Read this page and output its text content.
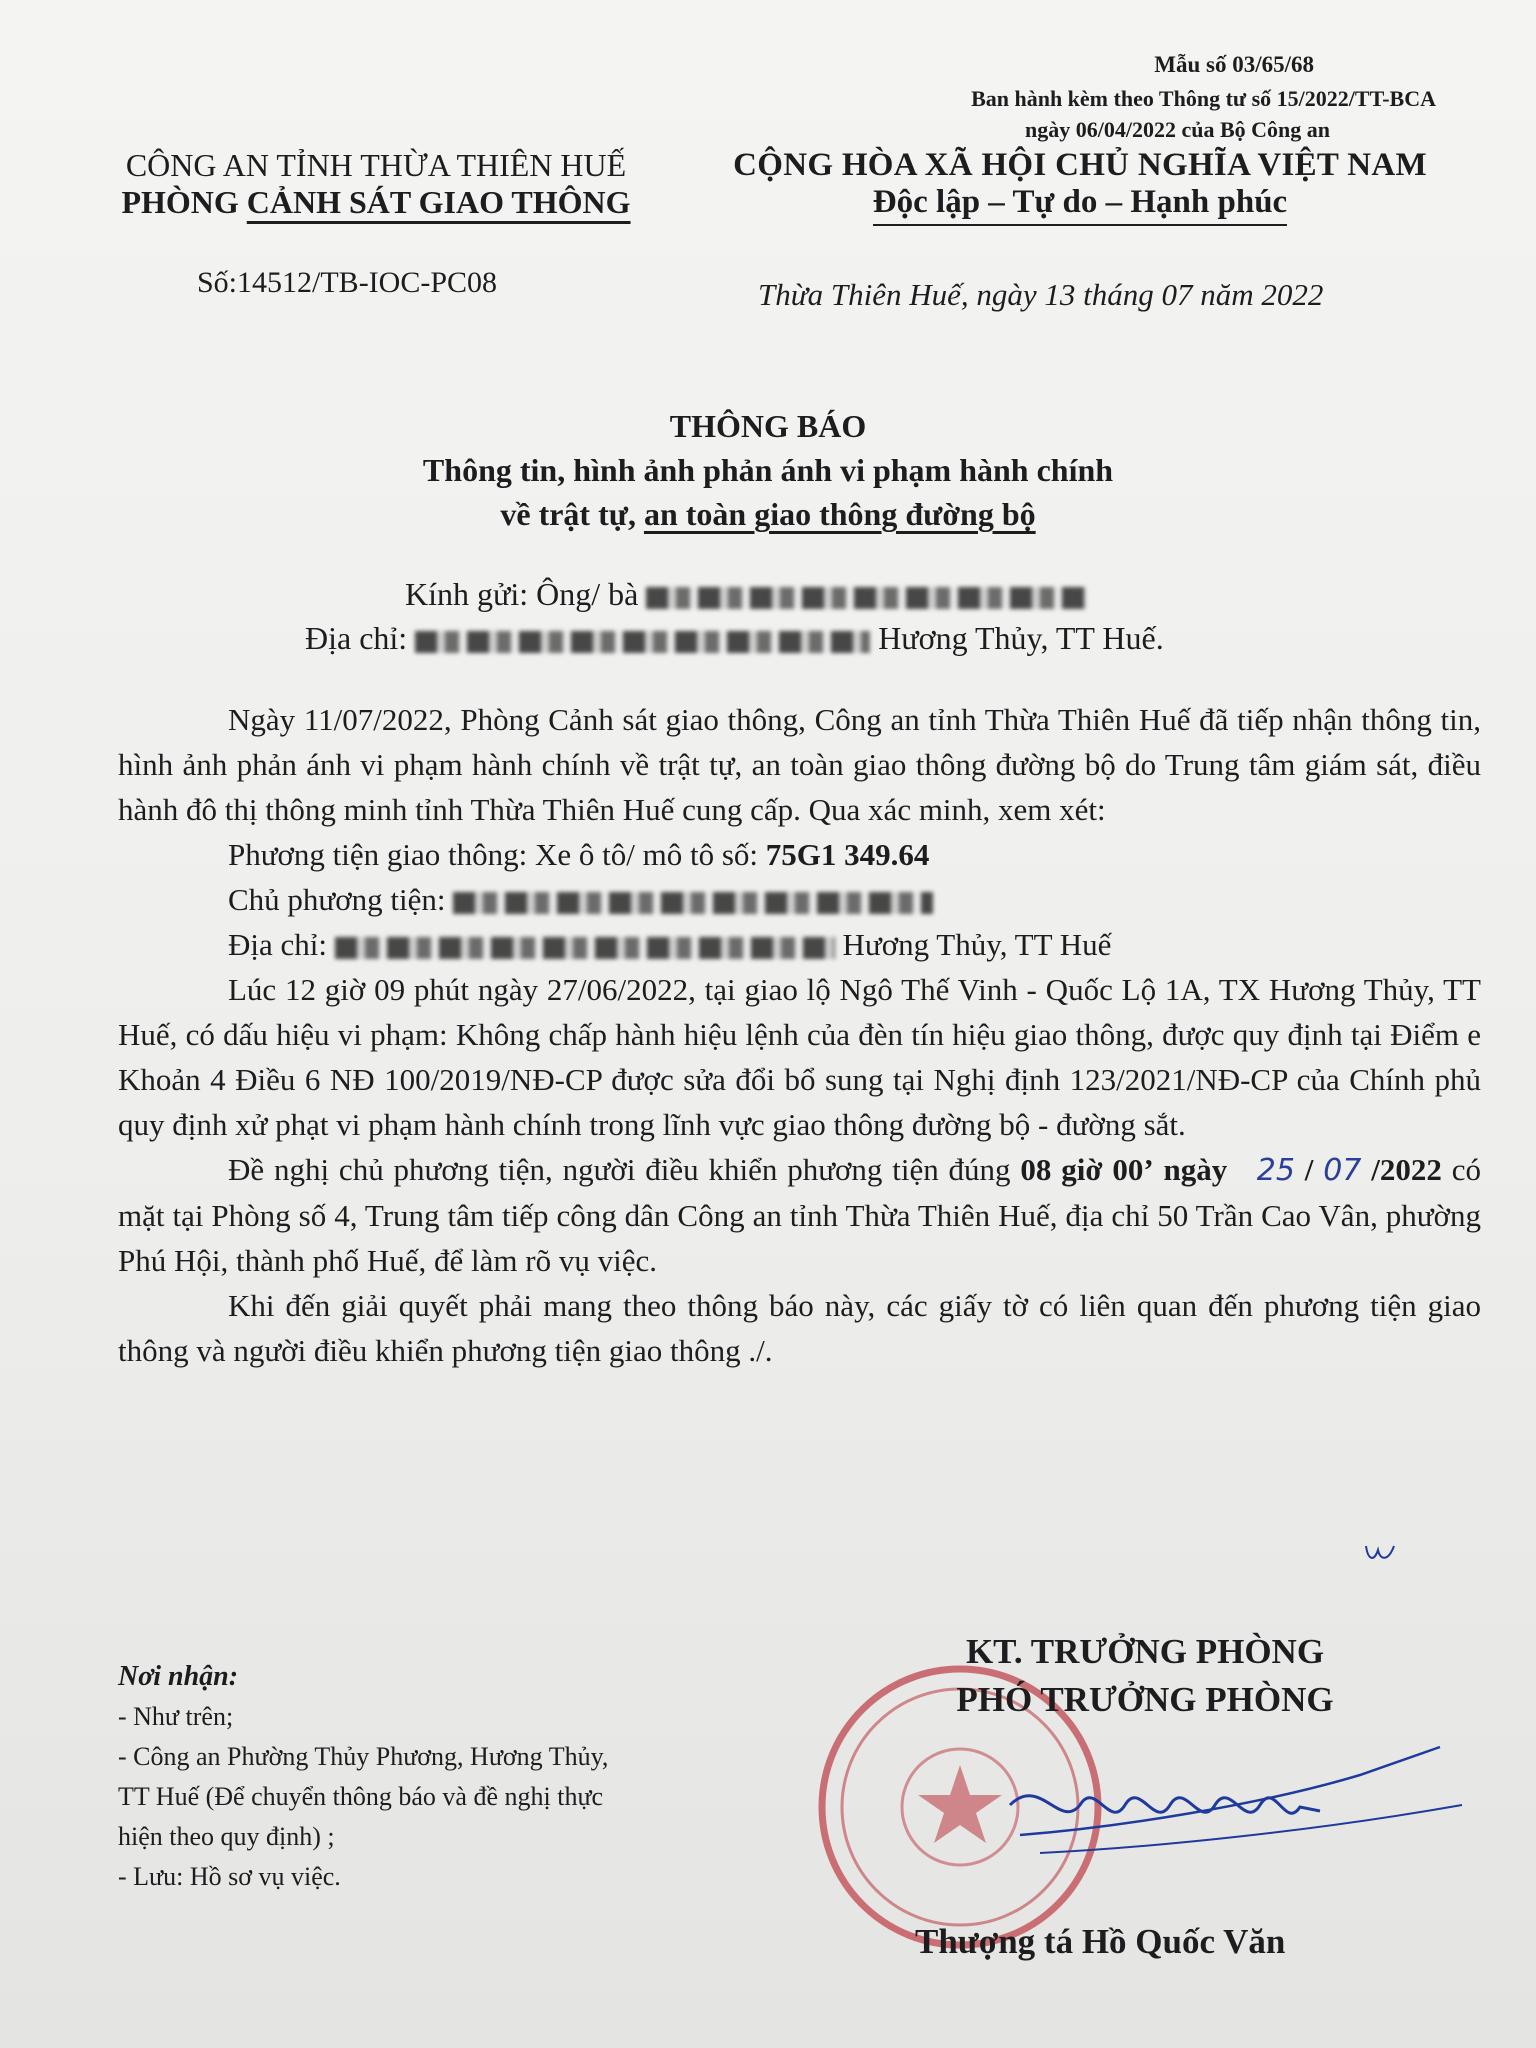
Mẫu số 03/65/68
Ban hành kèm theo Thông tư số 15/2022/TT-BCA
ngày 06/04/2022 của Bộ Công an
CÔNG AN TỈNH THỪA THIÊN HUẾ
PHÒNG CẢNH SÁT GIAO THÔNG
Số:14512/TB-IOC-PC08
CỘNG HÒA XÃ HỘI CHỦ NGHĨA VIỆT NAM
Độc lập – Tự do – Hạnh phúc
Thừa Thiên Huế, ngày 13 tháng 07 năm 2022
THÔNG BÁO
Thông tin, hình ảnh phản ánh vi phạm hành chính
về trật tự, an toàn giao thông đường bộ
Kính gửi: Ông/ bà
Địa chỉ:	Hương Thủy, TT Huế.

Ngày 11/07/2022, Phòng Cảnh sát giao thông, Công an tỉnh Thừa Thiên Huế đã tiếp nhận thông tin, hình ảnh phản ánh vi phạm hành chính về trật tự, an toàn giao thông đường bộ do Trung tâm giám sát, điều hành đô thị thông minh tỉnh Thừa Thiên Huế cung cấp. Qua xác minh, xem xét:

Phương tiện giao thông: Xe ô tô/ mô tô số: 75G1 349.64

Chủ phương tiện:

Địa chỉ:	Hương Thủy, TT Huế

Lúc 12 giờ 09 phút ngày 27/06/2022, tại giao lộ Ngô Thế Vinh - Quốc Lộ 1A, TX Hương Thủy, TT Huế, có dấu hiệu vi phạm: Không chấp hành hiệu lệnh của đèn tín hiệu giao thông, được quy định tại Điểm e Khoản 4 Điều 6 NĐ 100/2019/NĐ-CP được sửa đổi bổ sung tại Nghị định 123/2021/NĐ-CP của Chính phủ quy định xử phạt vi phạm hành chính trong lĩnh vực giao thông đường bộ - đường sắt.

Đề nghị chủ phương tiện, người điều khiển phương tiện đúng 08 giờ 00’ ngày   25 / 07 /2022 có mặt tại Phòng số 4, Trung tâm tiếp công dân Công an tỉnh Thừa Thiên Huế, địa chỉ 50 Trần Cao Vân, phường Phú Hội, thành phố Huế, để làm rõ vụ việc.

Khi đến giải quyết phải mang theo thông báo này, các giấy tờ có liên quan đến phương tiện giao thông và người điều khiển phương tiện giao thông ./.

Nơi nhận:
- Như trên;
- Công an Phường Thủy Phương, Hương Thủy,
TT Huế (Để chuyển thông báo và đề nghị thực
hiện theo quy định) ;
- Lưu: Hồ sơ vụ việc.
KT. TRƯỞNG PHÒNG
PHÓ TRƯỞNG PHÒNG
Thượng tá Hồ Quốc Văn
